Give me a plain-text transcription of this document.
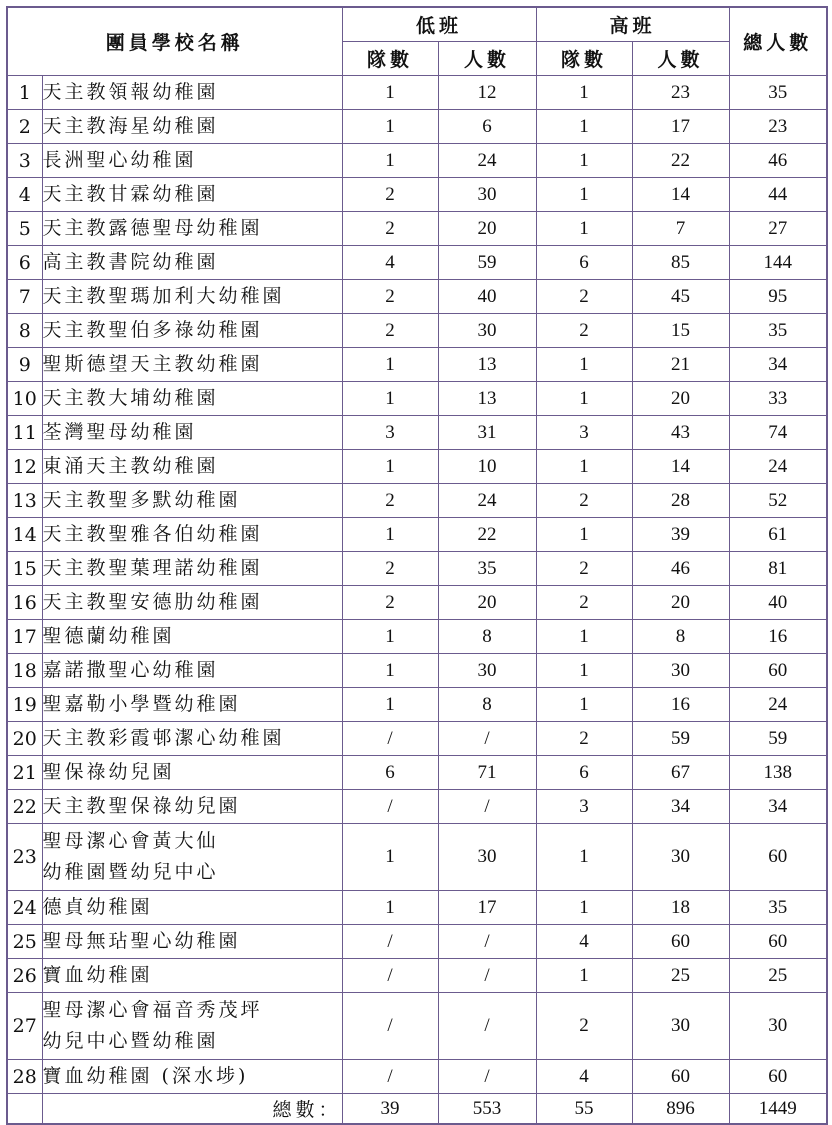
團員學校名稱		低班		高班		總人數
		隊數	人數	隊數	人數	
1	天主教領報幼稚園	1	12	1	23	35
2	天主教海星幼稚園	1	6	1	17	23
3	長洲聖心幼稚園	1	24	1	22	46
4	天主教甘霖幼稚園	2	30	1	14	44
5	天主教露德聖母幼稚園	2	20	1	7	27
6	高主教書院幼稚園	4	59	6	85	144
7	天主教聖瑪加利大幼稚園	2	40	2	45	95
8	天主教聖伯多祿幼稚園	2	30	2	15	35
9	聖斯德望天主教幼稚園	1	13	1	21	34
10	天主教大埔幼稚園	1	13	1	20	33
11	荃灣聖母幼稚園	3	31	3	43	74
12	東涌天主教幼稚園	1	10	1	14	24
13	天主教聖多默幼稚園	2	24	2	28	52
14	天主教聖雅各伯幼稚園	1	22	1	39	61
15	天主教聖葉理諾幼稚園	2	35	2	46	81
16	天主教聖安德肋幼稚園	2	20	2	20	40
17	聖德蘭幼稚園	1	8	1	8	16
18	嘉諾撒聖心幼稚園	1	30	1	30	60
19	聖嘉勒小學暨幼稚園	1	8	1	16	24
20	天主教彩霞邨潔心幼稚園	/	/	2	59	59
21	聖保祿幼兒園	6	71	6	67	138
22	天主教聖保祿幼兒園	/	/	3	34	34
23	聖母潔心會黃大仙
幼稚園暨幼兒中心	1	30	1	30	60
24	德貞幼稚園	1	17	1	18	35
25	聖母無玷聖心幼稚園	/	/	4	60	60
26	寶血幼稚園	/	/	1	25	25
27	聖母潔心會福音秀茂坪
幼兒中心暨幼稚園	/	/	2	30	30
28	寶血幼稚園 (深水埗)	/	/	4	60	60
	總數：	39	553	55	896	1449
